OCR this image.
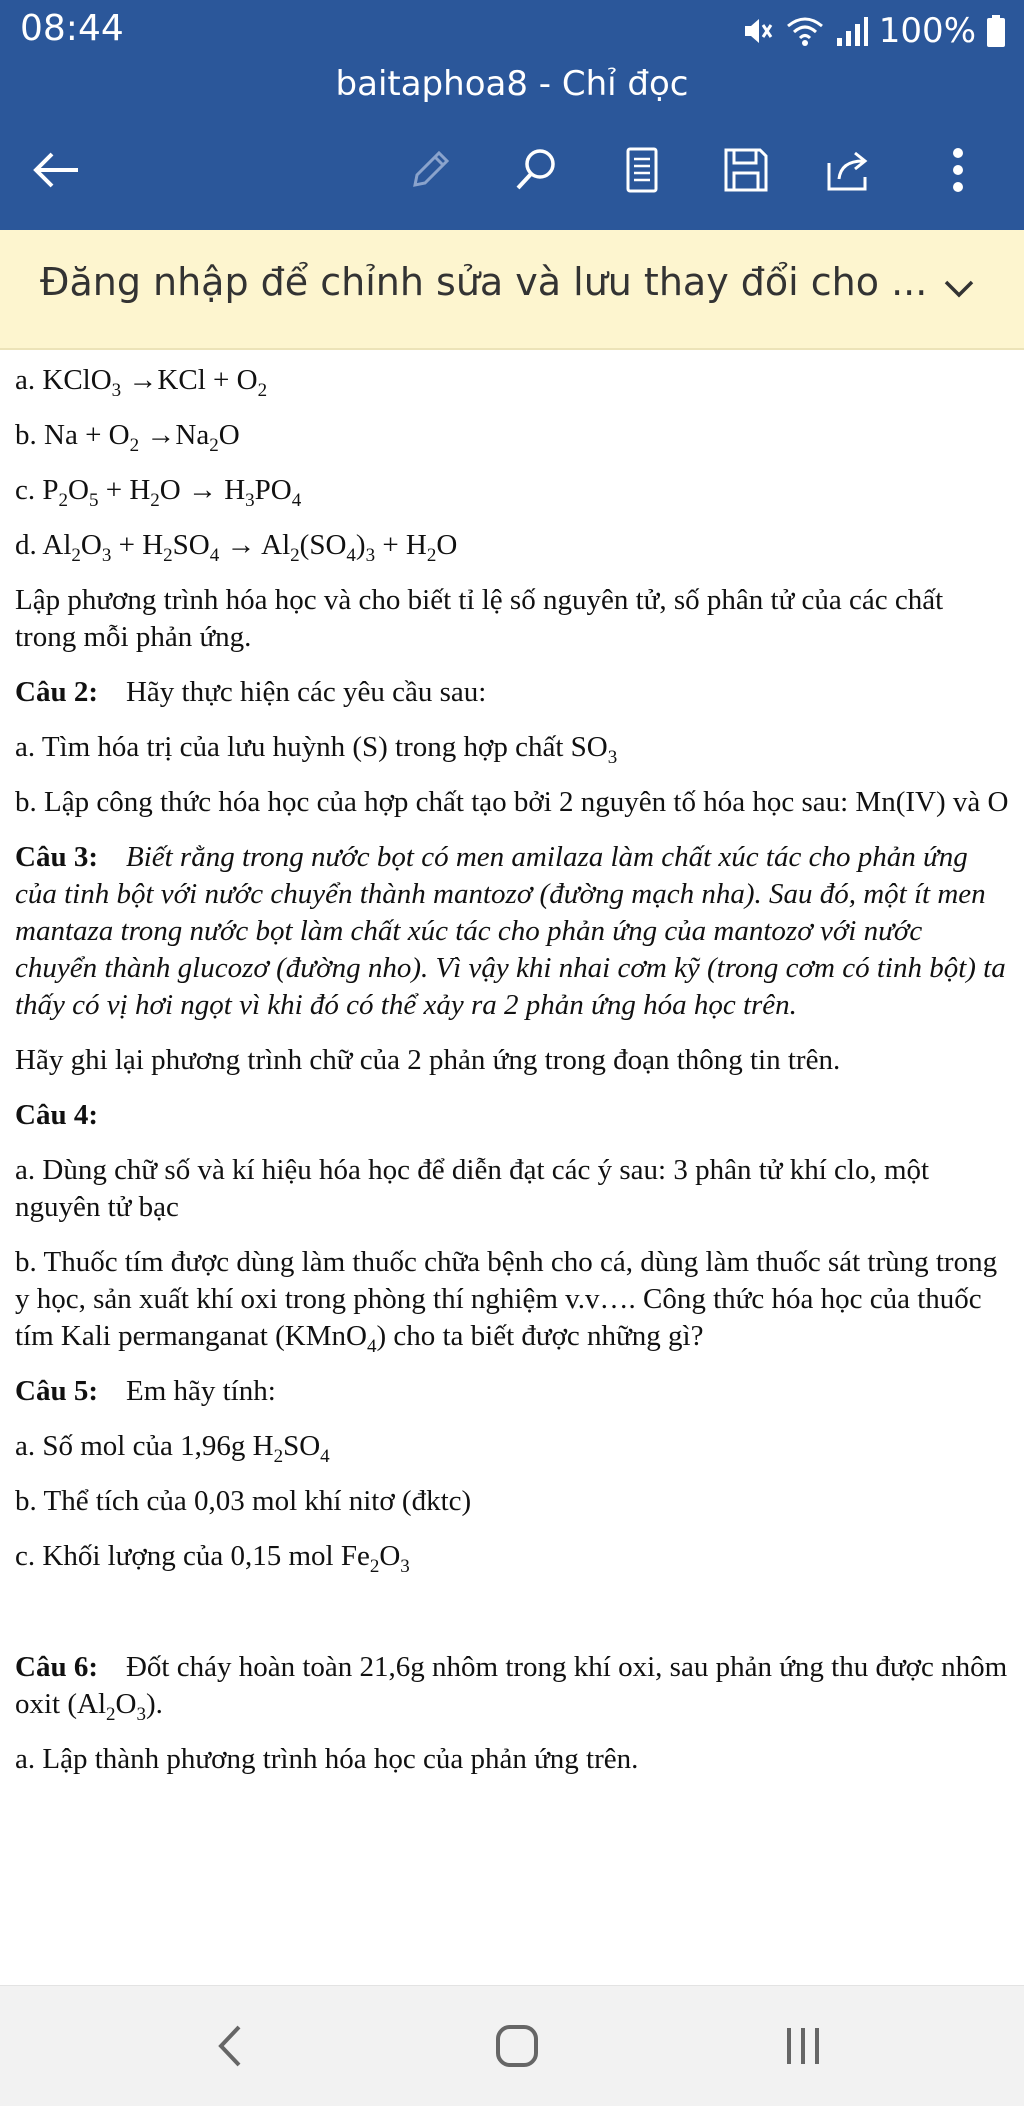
08:44	100%
baitaphoa8 - Chỉ đọc
Đăng nhập để chỉnh sửa và lưu thay đổi cho ...

a. KClO$_3$ $\to KCl + O_2$

b. $Na + O_2 \to Na_2O$

c. $P_2O_5 + H_2O \to H_3PO_4$

d. $Al_2O_3 + H_2SO_4 \to Al_2(SO_4)_3 + H_2O$

Lập phương trình hóa học và cho biết tỉ lệ số nguyên tử, số phân tử của các chất trong mỗi phản ứng.

Câu 2: Hãy thực hiện các yêu cầu sau:

a. Tìm hóa trị của lưu huỳnh (S) trong hợp chất $SO_3$

b. Lập công thức hóa học của hợp chất tạo bởi 2 nguyên tố hóa học sau: Mn(IV) và O

Câu 3: Biết rằng trong nước bọt có men amilaza làm chất xúc tác cho phản ứng của tinh bột với nước chuyển thành mantozơ (đường mạch nha). Sau đó, một ít men mantaza trong nước bọt làm chất xúc tác cho phản ứng của mantozơ với nước chuyển thành glucozơ (đường nho). Vì vậy khi nhai cơm kỹ (trong cơm có tinh bột) ta thấy có vị hơi ngọt vì khi đó có thể xảy ra 2 phản ứng hóa học trên.

Hãy ghi lại phương trình chữ của 2 phản ứng trong đoạn thông tin trên.

Câu 4:

a. Dùng chữ số và kí hiệu hóa học để diễn đạt các ý sau: 3 phân tử khí clo, một nguyên tử bạc

b. Thuốc tím được dùng làm thuốc chữa bệnh cho cá, dùng làm thuốc sát trùng trong y học, sản xuất khí oxi trong phòng thí nghiệm v.v…. Công thức hóa học của thuốc tím Kali permanganat (KMnO$_4$) cho ta biết được những gì?

Câu 5: Em hãy tính:

a. Số mol của 1,96g $H_2SO_4$

b. Thể tích của 0,03 mol khí nitơ (đktc)

c. Khối lượng của 0,15 mol $Fe_2O_3$

Câu 6: Đốt cháy hoàn toàn 21,6g nhôm trong khí oxi, sau phản ứng thu được nhôm oxit $(Al_2O_3)$.

a. Lập thành phương trình hóa học của phản ứng trên.
